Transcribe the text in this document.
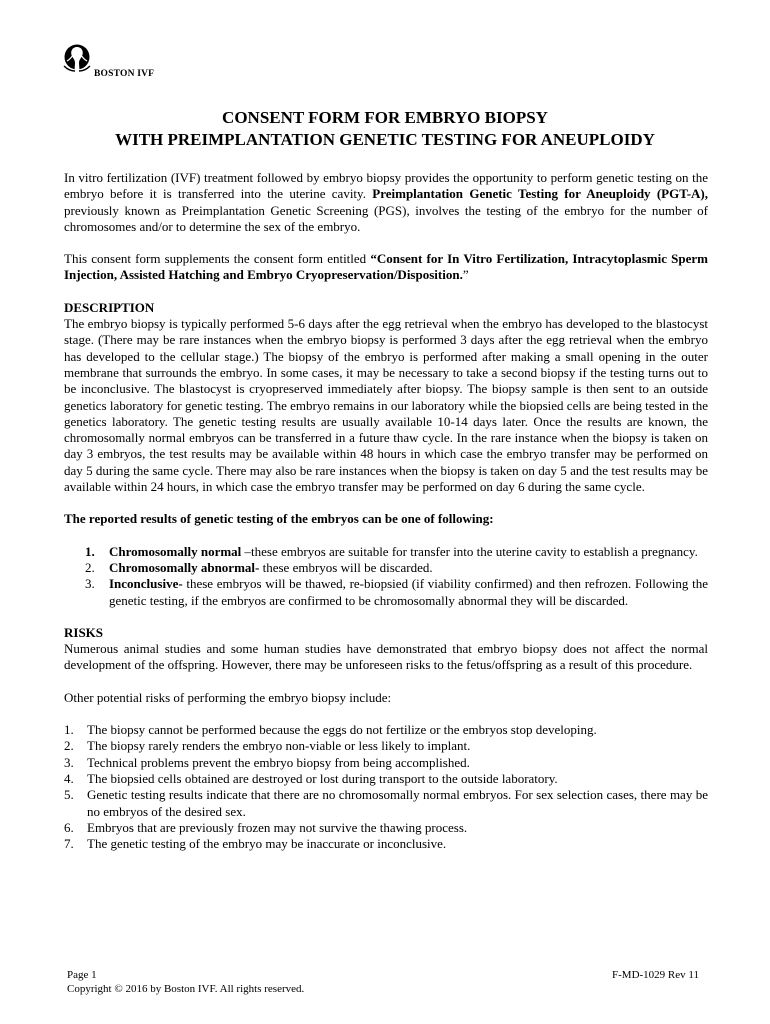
BOSTON IVF
CONSENT FORM FOR EMBRYO BIOPSY
WITH PREIMPLANTATION GENETIC TESTING FOR ANEUPLOIDY

In vitro fertilization (IVF) treatment followed by embryo biopsy provides the opportunity to perform genetic testing on the embryo before it is transferred into the uterine cavity. Preimplantation Genetic Testing for Aneuploidy (PGT-A), previously known as Preimplantation Genetic Screening (PGS), involves the testing of the embryo for the number of chromosomes and/or to determine the sex of the embryo.

This consent form supplements the consent form entitled “Consent for In Vitro Fertilization, Intracytoplasmic Sperm Injection, Assisted Hatching and Embryo Cryopreservation/Disposition.”

DESCRIPTION

The embryo biopsy is typically performed 5-6 days after the egg retrieval when the embryo has developed to the blastocyst stage. (There may be rare instances when the embryo biopsy is performed 3 days after the egg retrieval when the embryo has developed to the cellular stage.) The biopsy of the embryo is performed after making a small opening in the outer membrane that surrounds the embryo. In some cases, it may be necessary to take a second biopsy if the testing turns out to be inconclusive. The blastocyst is cryopreserved immediately after biopsy. The biopsy sample is then sent to an outside genetics laboratory for genetic testing. The embryo remains in our laboratory while the biopsied cells are being tested in the genetics laboratory. The genetic testing results are usually available 10-14 days later. Once the results are known, the chromosomally normal embryos can be transferred in a future thaw cycle. In the rare instance when the biopsy is taken on day 3 embryos, the test results may be available within 48 hours in which case the embryo transfer may be performed on day 5 during the same cycle. There may also be rare instances when the biopsy is taken on day 5 and the test results may be available within 24 hours, in which case the embryo transfer may be performed on day 6 during the same cycle.

The reported results of genetic testing of the embryos can be one of following:
1. Chromosomally normal –these embryos are suitable for transfer into the uterine cavity to establish a pregnancy.
2. Chromosomally abnormal- these embryos will be discarded.
3. Inconclusive- these embryos will be thawed, re-biopsied (if viability confirmed) and then refrozen. Following the genetic testing, if the embryos are confirmed to be chromosomally abnormal they will be discarded.
RISKS

Numerous animal studies and some human studies have demonstrated that embryo biopsy does not affect the normal development of the offspring. However, there may be unforeseen risks to the fetus/offspring as a result of this procedure.

Other potential risks of performing the embryo biopsy include:

1. The biopsy cannot be performed because the eggs do not fertilize or the embryos stop developing.
2. The biopsy rarely renders the embryo non-viable or less likely to implant.
3. Technical problems prevent the embryo biopsy from being accomplished.
4. The biopsied cells obtained are destroyed or lost during transport to the outside laboratory.
5. Genetic testing results indicate that there are no chromosomally normal embryos. For sex selection cases, there may be no embryos of the desired sex.
6. Embryos that are previously frozen may not survive the thawing process.
7. The genetic testing of the embryo may be inaccurate or inconclusive.
Page 1
Copyright © 2016 by Boston IVF. All rights reserved.
F-MD-1029 Rev 11
